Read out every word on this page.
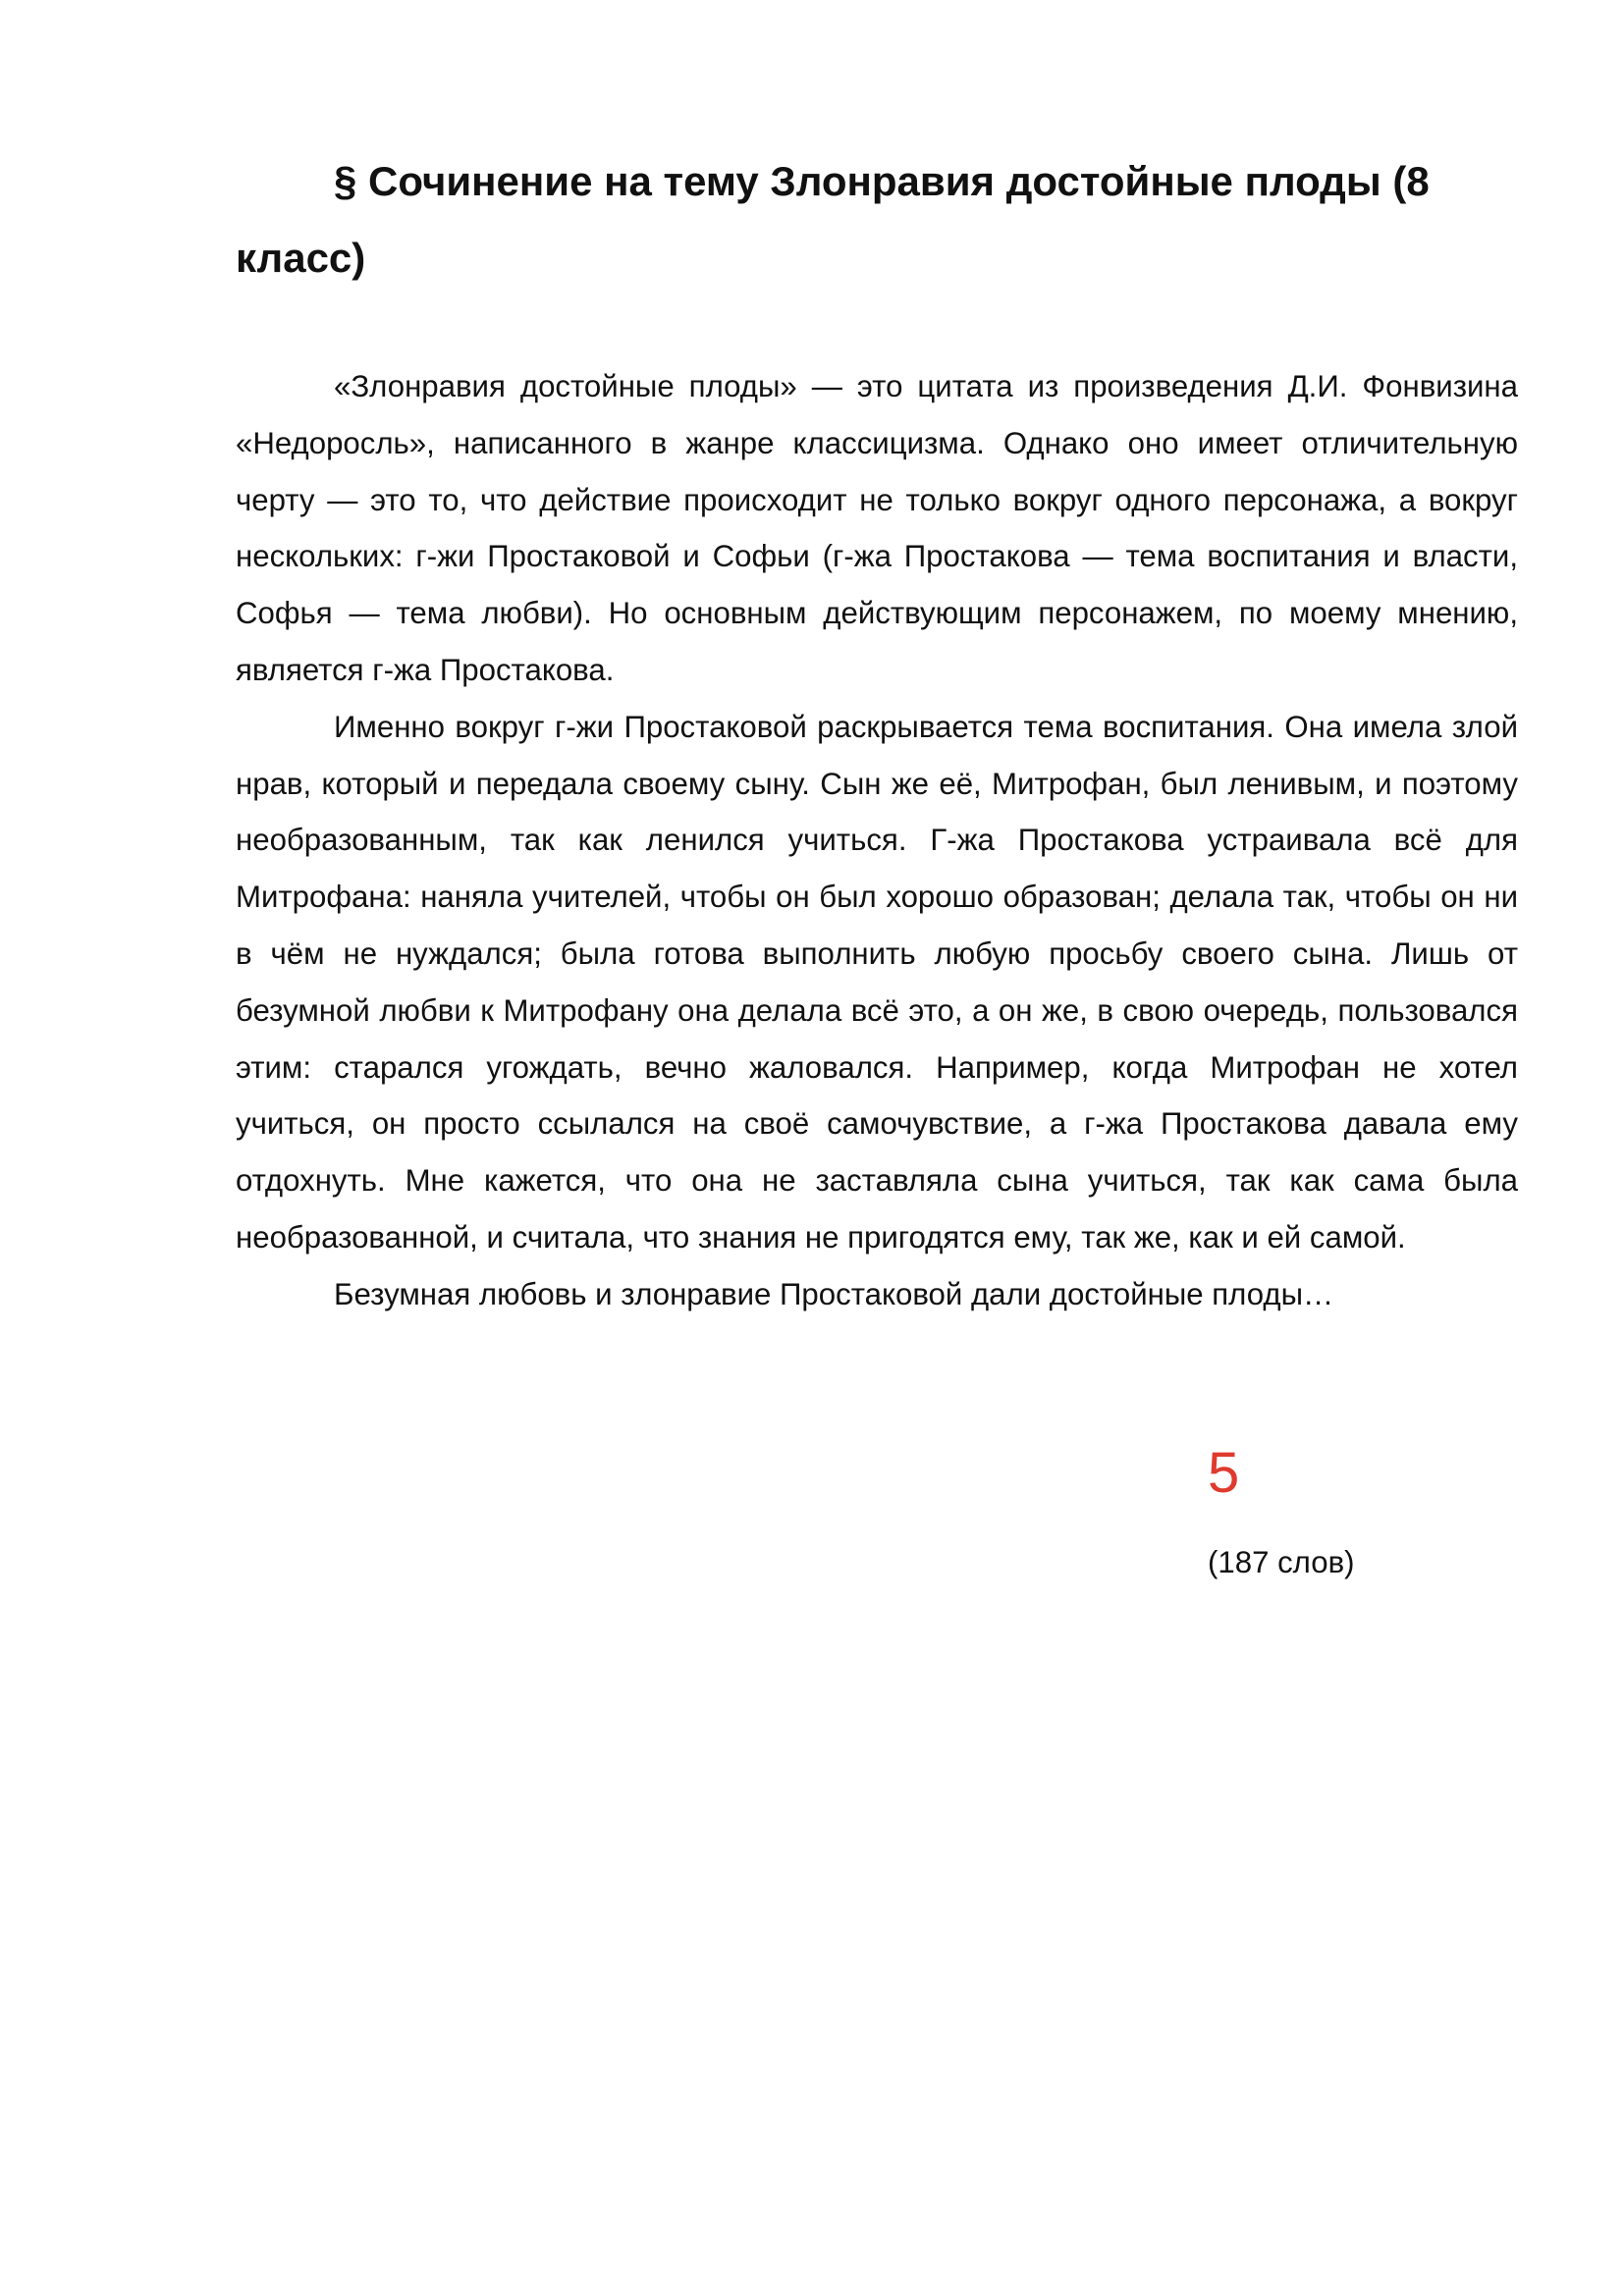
§ Сочинение на тему Злонравия достойные плоды (8 класс)

«Злонравия достойные плоды» — это цитата из произведения Д.И. Фонвизина «Недоросль», написанного в жанре классицизма. Однако оно имеет отличительную черту — это то, что действие происходит не только вокруг одного персонажа, а вокруг нескольких: г-жи Простаковой и Софьи (г-жа Простакова — тема воспитания и власти, Софья — тема любви). Но основным действующим персонажем, по моему мнению, является г-жа Простакова.

Именно вокруг г-жи Простаковой раскрывается тема воспитания. Она имела злой нрав, который и передала своему сыну. Сын же её, Митрофан, был ленивым, и поэтому необразованным, так как ленился учиться. Г-жа Простакова устраивала всё для Митрофана: наняла учителей, чтобы он был хорошо образован; делала так, чтобы он ни в чём не нуждался; была готова выполнить любую просьбу своего сына. Лишь от безумной любви к Митрофану она делала всё это, а он же, в свою очередь, пользовался этим: старался угождать, вечно жаловался. Например, когда Митрофан не хотел учиться, он просто ссылался на своё самочувствие, а г-жа Простакова давала ему отдохнуть. Мне кажется, что она не заставляла сына учиться, так как сама была необразованной, и считала, что знания не пригодятся ему, так же, как и ей самой.

Безумная любовь и злонравие Простаковой дали достойные плоды…

5
(187 слов)
